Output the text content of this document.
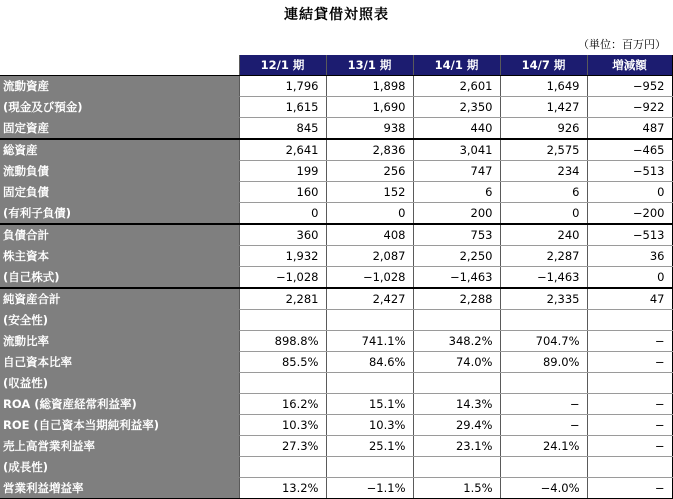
連結貸借対照表
（単位：百万円）
	12/1 期	13/1 期	14/1 期	14/7 期	増減額
流動資産	1,796	1,898	2,601	1,649	−952
(現金及び預金)	1,615	1,690	2,350	1,427	−922
固定資産	845	938	440	926	487
総資産	2,641	2,836	3,041	2,575	−465
流動負債	199	256	747	234	−513
固定負債	160	152	6	6	0
(有利子負債)	0	0	200	0	−200
負債合計	360	408	753	240	−513
株主資本	1,932	2,087	2,250	2,287	36
(自己株式)	−1,028	−1,028	−1,463	−1,463	0
純資産合計	2,281	2,427	2,288	2,335	47
(安全性)					
流動比率	898.8%	741.1%	348.2%	704.7%	−
自己資本比率	85.5%	84.6%	74.0%	89.0%	−
(収益性)					
ROA (総資産経常利益率)	16.2%	15.1%	14.3%	−	−
ROE (自己資本当期純利益率)	10.3%	10.3%	29.4%	−	−
売上高営業利益率	27.3%	25.1%	23.1%	24.1%	−
(成長性)					
営業利益増益率	13.2%	−1.1%	1.5%	−4.0%	−
